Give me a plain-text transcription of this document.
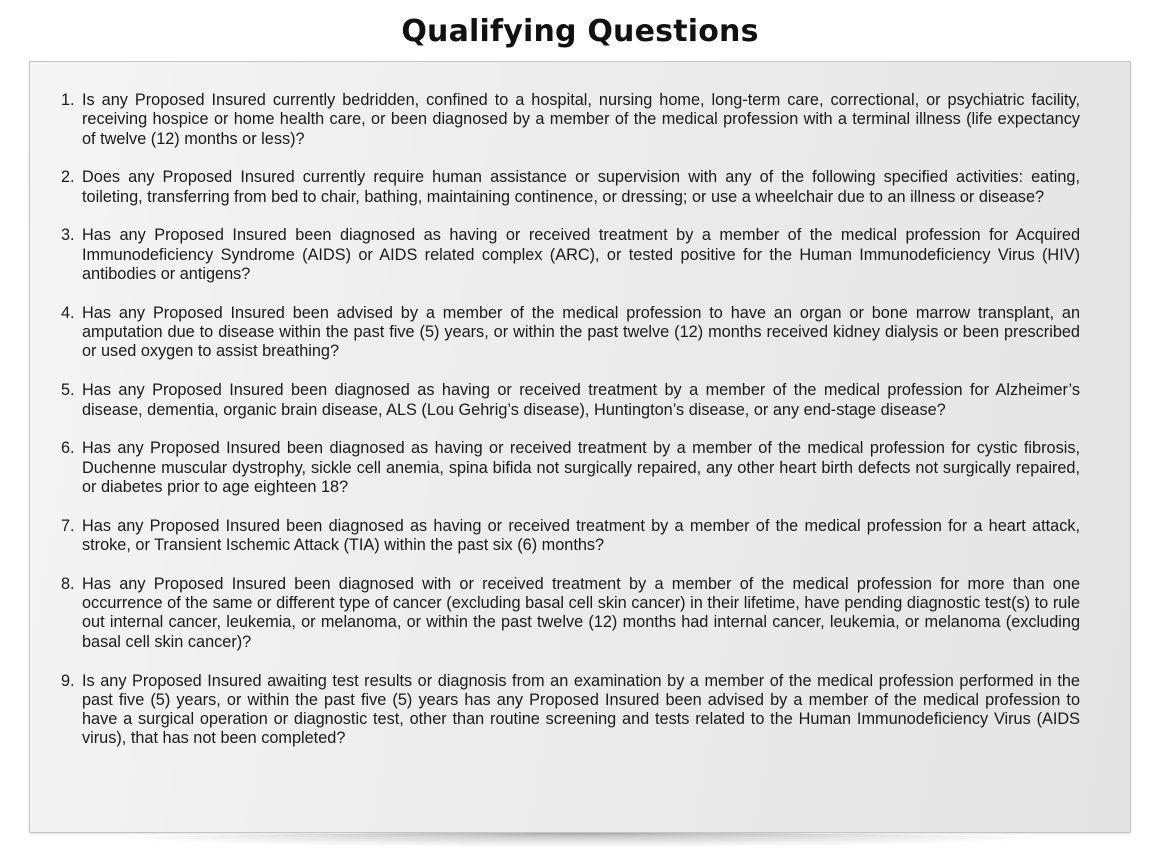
Qualifying Questions
1. Is any Proposed Insured currently bedridden, confined to a hospital, nursing home, long-term care, correctional, or psychiatric facility, receiving hospice or home health care, or been diagnosed by a member of the medical profession with a terminal illness (life expectancy of twelve (12) months or less)?
2. Does any Proposed Insured currently require human assistance or supervision with any of the following specified activities: eating, toileting, transferring from bed to chair, bathing, maintaining continence, or dressing; or use a wheelchair due to an illness or disease?
3. Has any Proposed Insured been diagnosed as having or received treatment by a member of the medical profession for Acquired Immunodeficiency Syndrome (AIDS) or AIDS related complex (ARC), or tested positive for the Human Immunodeficiency Virus (HIV) antibodies or antigens?
4. Has any Proposed Insured been advised by a member of the medical profession to have an organ or bone marrow transplant, an amputation due to disease within the past five (5) years, or within the past twelve (12) months received kidney dialysis or been prescribed or used oxygen to assist breathing?
5. Has any Proposed Insured been diagnosed as having or received treatment by a member of the medical profession for Alzheimer’s disease, dementia, organic brain disease, ALS (Lou Gehrig’s disease), Huntington’s disease, or any end-stage disease?
6. Has any Proposed Insured been diagnosed as having or received treatment by a member of the medical profession for cystic fibrosis, Duchenne muscular dystrophy, sickle cell anemia, spina bifida not surgically repaired, any other heart birth defects not surgically repaired, or diabetes prior to age eighteen 18?
7. Has any Proposed Insured been diagnosed as having or received treatment by a member of the medical profession for a heart attack, stroke, or Transient Ischemic Attack (TIA) within the past six (6) months?
8. Has any Proposed Insured been diagnosed with or received treatment by a member of the medical profession for more than one occurrence of the same or different type of cancer (excluding basal cell skin cancer) in their lifetime, have pending diagnostic test(s) to rule out internal cancer, leukemia, or melanoma, or within the past twelve (12) months had internal cancer, leukemia, or melanoma (excluding basal cell skin cancer)?
9. Is any Proposed Insured awaiting test results or diagnosis from an examination by a member of the medical profession performed in the past five (5) years, or within the past five (5) years has any Proposed Insured been advised by a member of the medical profession to have a surgical operation or diagnostic test, other than routine screening and tests related to the Human Immunodeficiency Virus (AIDS virus), that has not been completed?
